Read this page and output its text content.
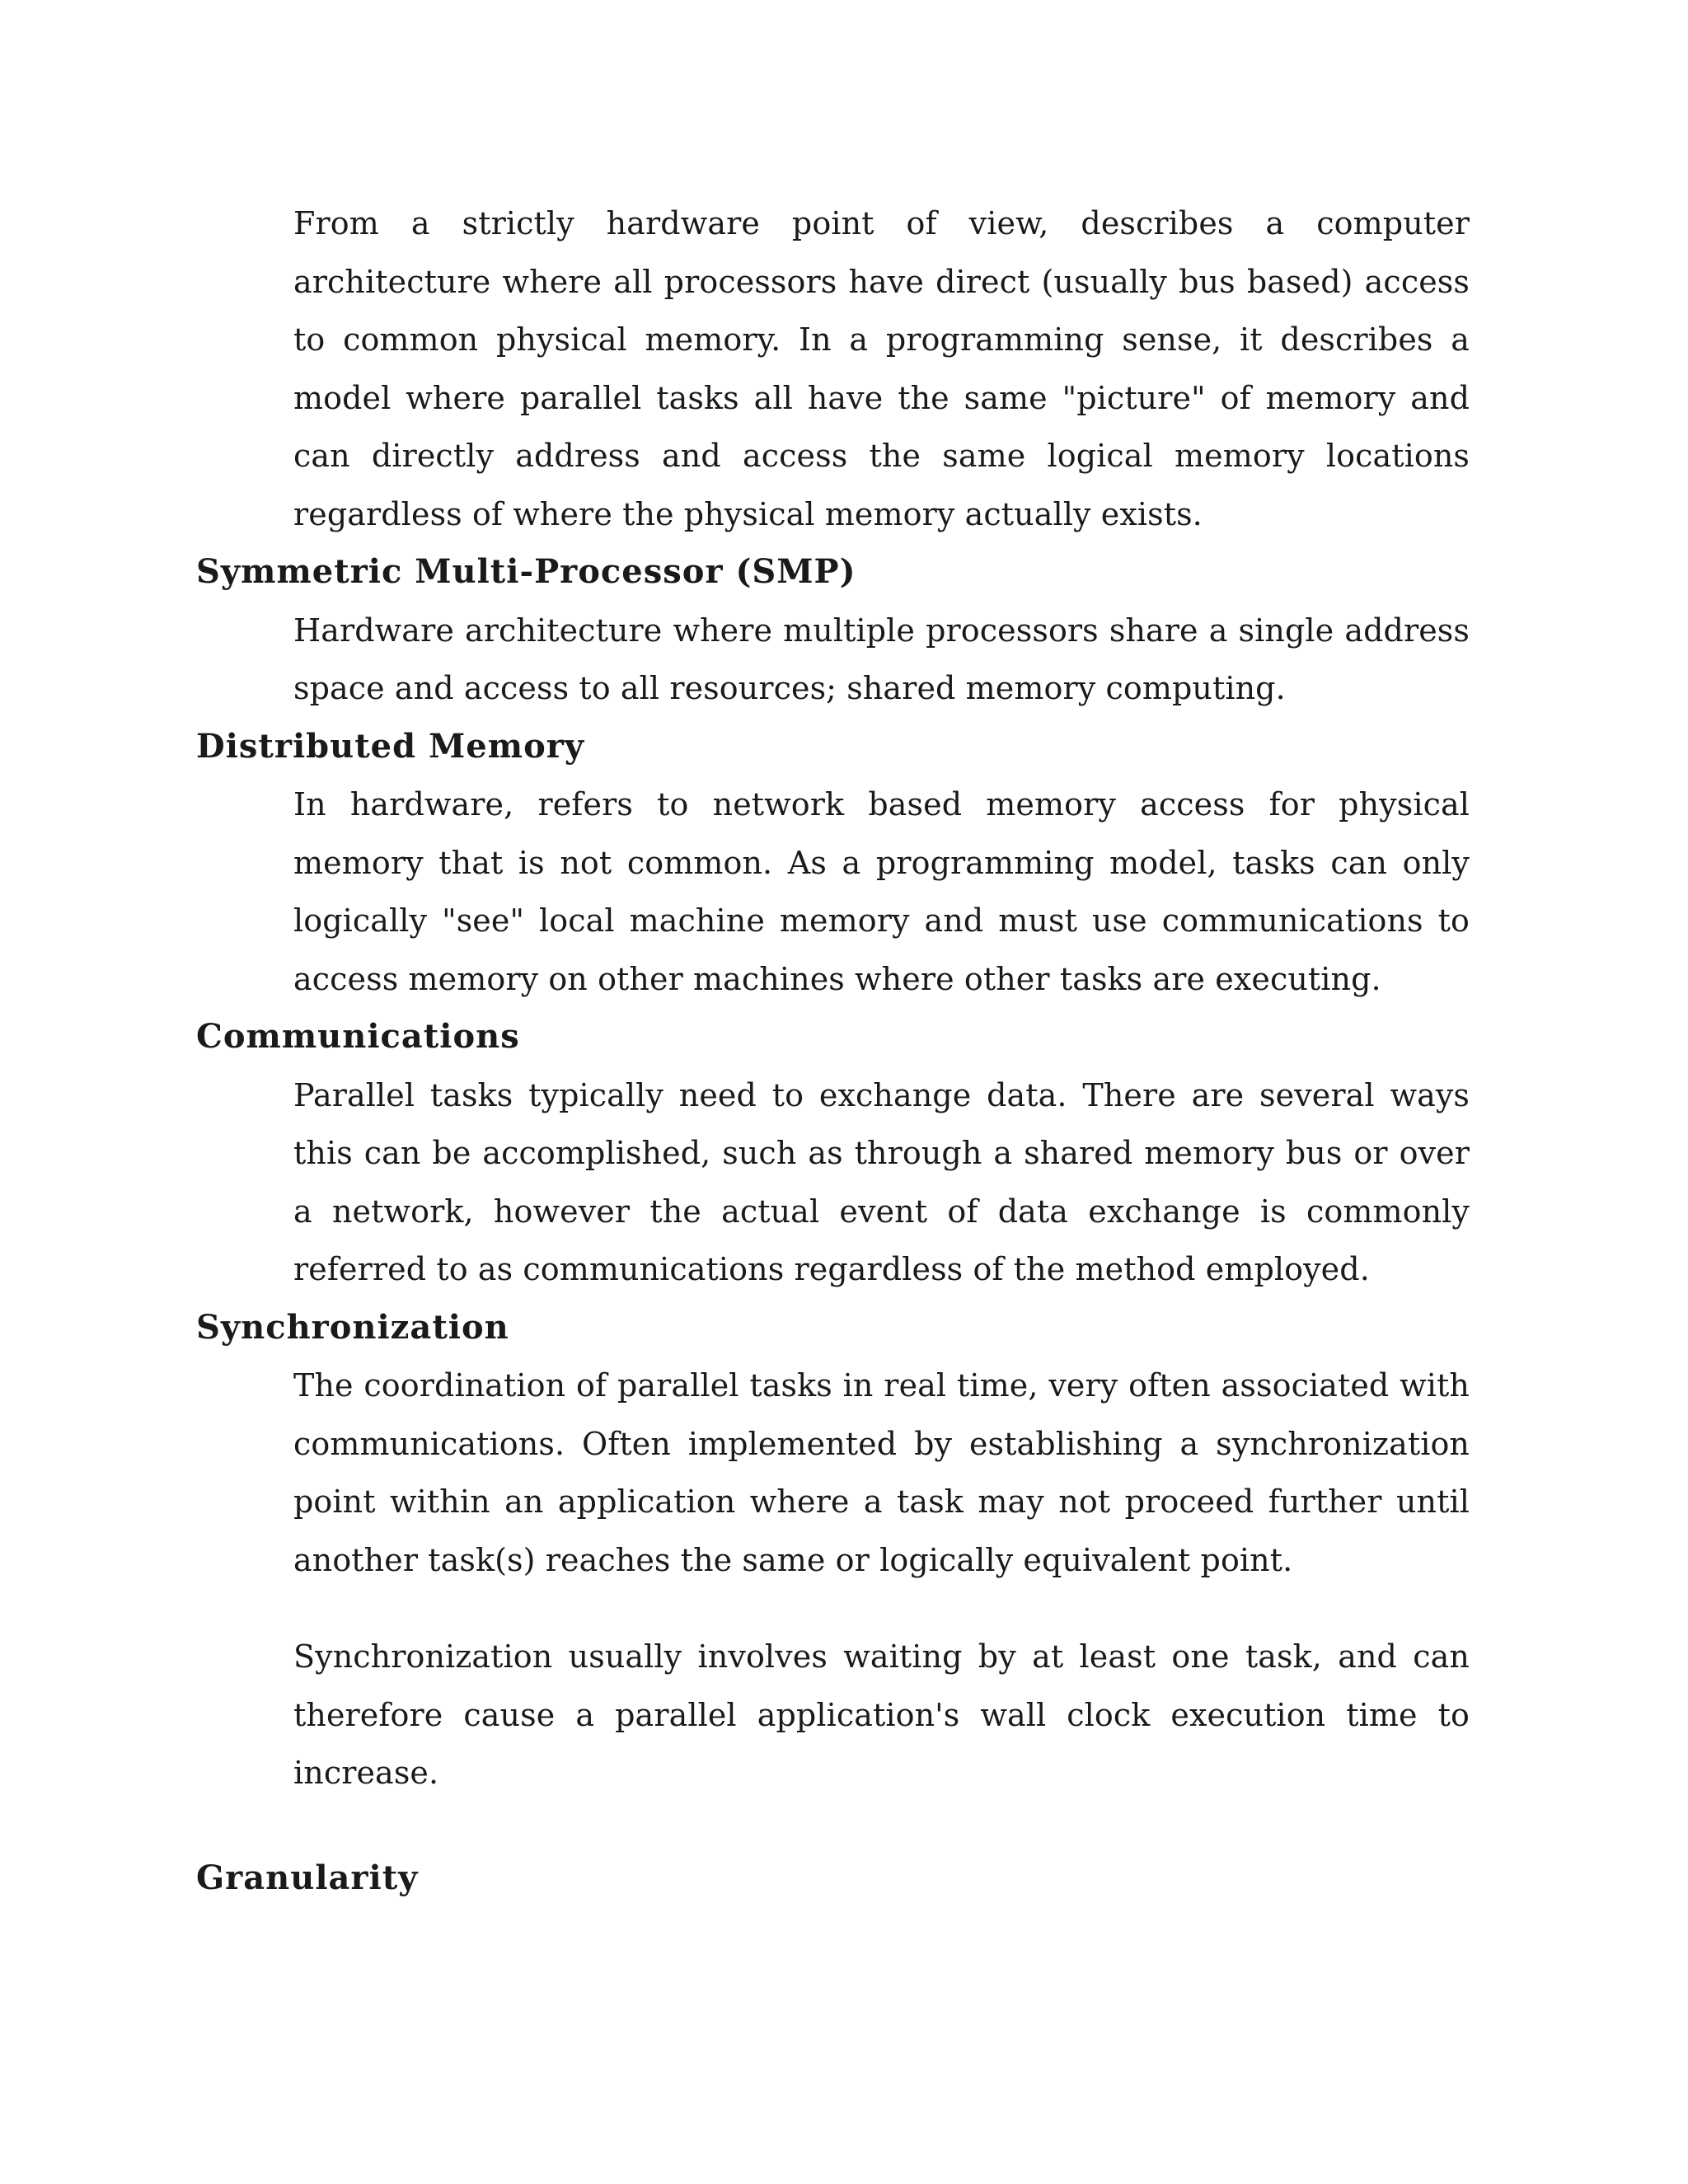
From a strictly hardware point of view, describes a computer architecture where all processors have direct (usually bus based) access to common physical memory. In a programming sense, it describes a model where parallel tasks all have the same "picture" of memory and can directly address and access the same logical memory locations regardless of where the physical memory actually exists.

Symmetric Multi-Processor (SMP)

Hardware architecture where multiple processors share a single address space and access to all resources; shared memory computing.

Distributed Memory

In hardware, refers to network based memory access for physical memory that is not common. As a programming model, tasks can only logically "see" local machine memory and must use communications to access memory on other machines where other tasks are executing.

Communications

Parallel tasks typically need to exchange data. There are several ways this can be accomplished, such as through a shared memory bus or over a network, however the actual event of data exchange is commonly referred to as communications regardless of the method employed.

Synchronization

The coordination of parallel tasks in real time, very often associated with communications. Often implemented by establishing a synchronization point within an application where a task may not proceed further until another task(s) reaches the same or logically equivalent point.

Synchronization usually involves waiting by at least one task, and can therefore cause a parallel application's wall clock execution time to increase.

Granularity
